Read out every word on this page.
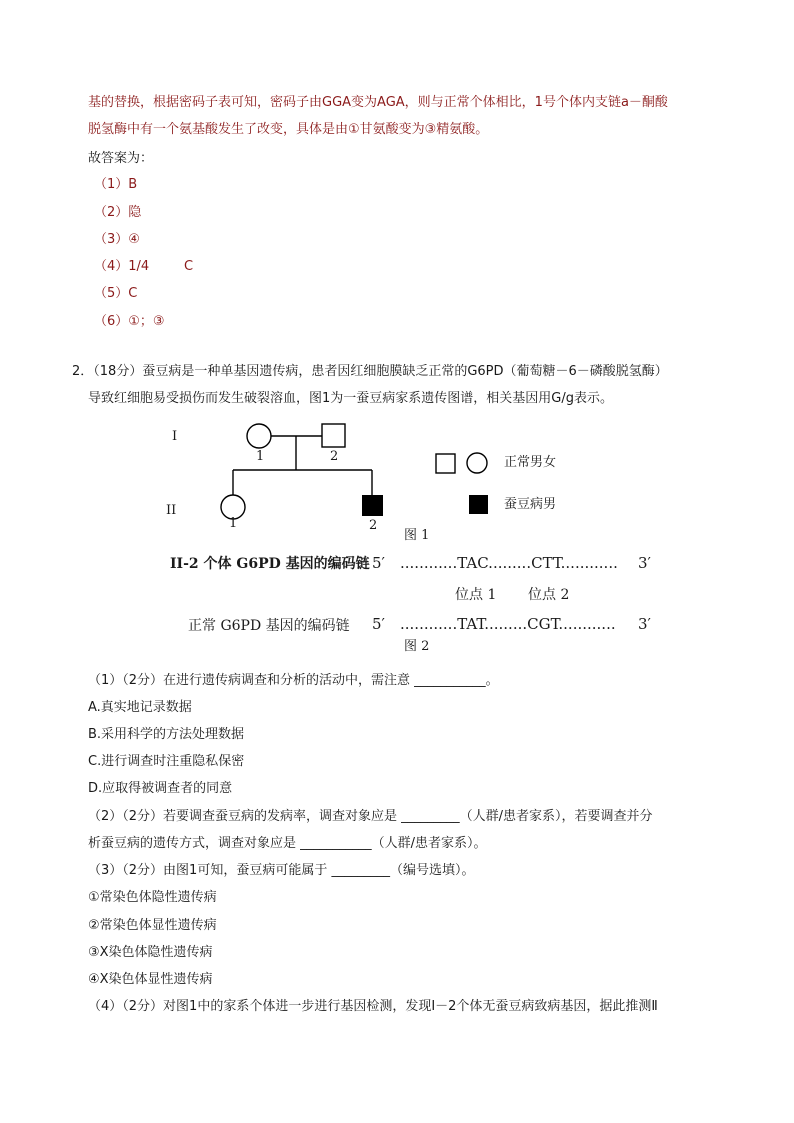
基的替换，根据密码子表可知，密码子由GGA变为AGA，则与正常个体相比，1号个体内支链a－酮酸
脱氢酶中有一个氨基酸发生了改变，具体是由①甘氨酸变为③精氨酸。
故答案为：
（1）B
（2）隐
（3）④
（4）1/4	C
（5）C
（6）①；③
2．（18分）蚕豆病是一种单基因遗传病，患者因红细胞膜缺乏正常的G6PD（葡萄糖－6－磷酸脱氢酶）
导致红细胞易受损伤而发生破裂溶血，图1为一蚕豆病家系遗传图谱，相关基因用G/g表示。
I
II
1	2
1	2
正常男女
蚕豆病男
图 1
II-2 个体 G6PD 基因的编码链 5′ ............TAC.........CTT............ 3′
位点 1 位点 2
正常 G6PD 基因的编码链 5′ ............TAT.........CGT............ 3′
图 2
（1）（2分）在进行遗传病调查和分析的活动中，需注意 ___________。
A.真实地记录数据
B.采用科学的方法处理数据
C.进行调查时注重隐私保密
D.应取得被调查者的同意
（2）（2分）若要调查蚕豆病的发病率，调查对象应是 _________（人群/患者家系），若要调查并分
析蚕豆病的遗传方式，调查对象应是 ___________（人群/患者家系）。
（3）（2分）由图1可知，蚕豆病可能属于 _________（编号选填）。
①常染色体隐性遗传病
②常染色体显性遗传病
③X染色体隐性遗传病
④X染色体显性遗传病
（4）（2分）对图1中的家系个体进一步进行基因检测，发现Ⅰ－2个体无蚕豆病致病基因，据此推测Ⅱ
